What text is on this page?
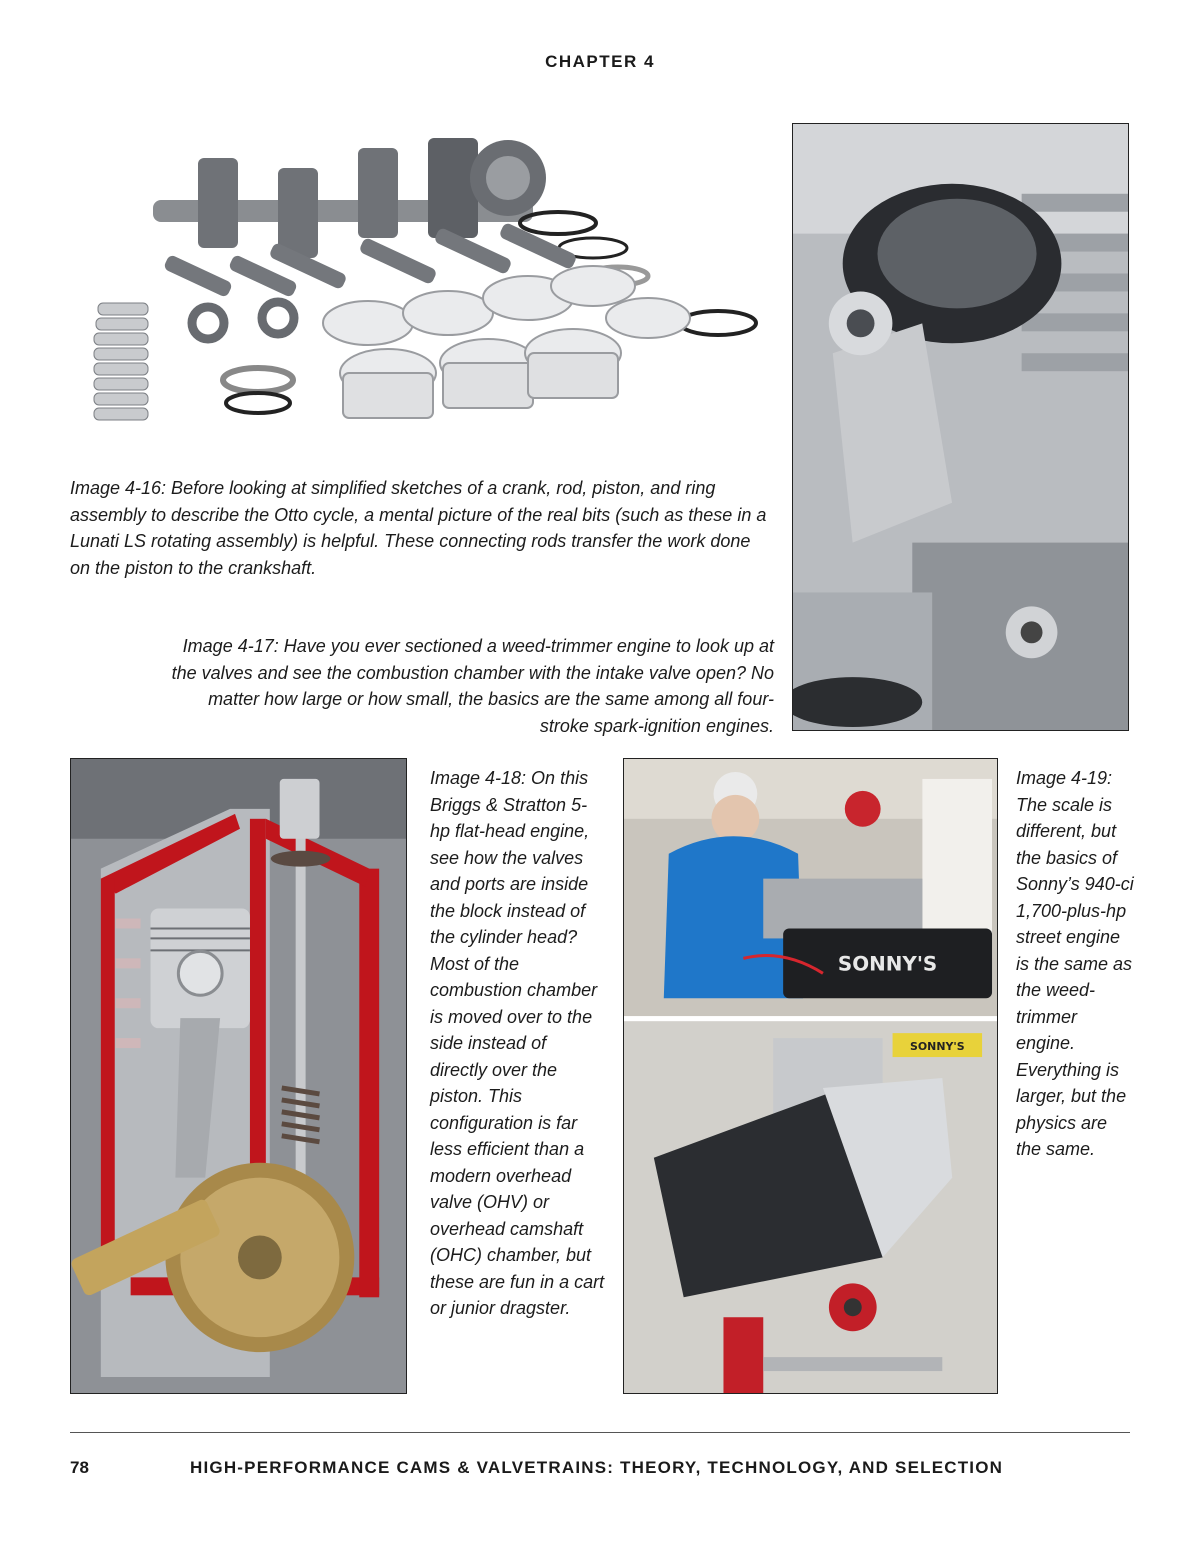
CHAPTER 4
Image 4-16: Before looking at simplified sketches of a crank, rod, piston, and ring assembly to describe the Otto cycle, a mental picture of the real bits (such as these in a Lunati LS rotating assembly) is helpful. These connecting rods transfer the work done on the piston to the crankshaft.
Image 4-17: Have you ever sectioned a weed-trimmer engine to look up at the valves and see the combustion chamber with the intake valve open? No matter how large or how small, the basics are the same among all four-stroke spark-ignition engines.
Image 4-18: On this Briggs & Stratton 5-hp flat-head engine, see how the valves and ports are inside the block instead of the cylinder head? Most of the combustion chamber is moved over to the side instead of directly over the piston. This configuration is far less efficient than a modern overhead valve (OHV) or overhead camshaft (OHC) chamber, but these are fun in a cart or junior dragster.
SONNY'S
SONNY'S
Image 4-19: The scale is different, but the basics of Sonny’s 940-ci 1,700-plus-hp street engine is the same as the weed-trimmer engine. Everything is larger, but the physics are the same.
78	HIGH-PERFORMANCE CAMS & VALVETRAINS: THEORY, TECHNOLOGY, AND SELECTION
